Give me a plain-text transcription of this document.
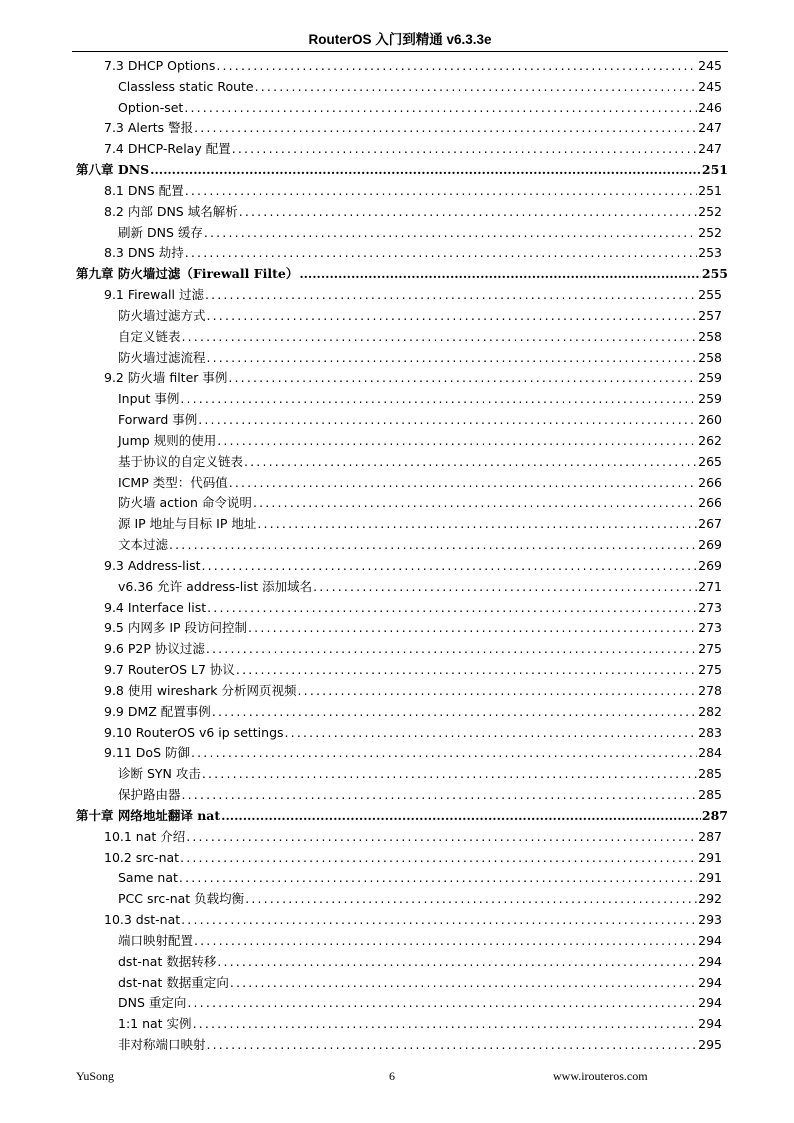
RouterOS 入门到精通 v6.3.3e
7.3 DHCP Options . . .	245
Classless static Route . . .	245
Option-set . . .	246
7.3 Alerts 警报 . . .	247
7.4 DHCP-Relay 配置 . . .	247
第八章 DNS . . .	251
8.1 DNS 配置 . . .	251
8.2 内部 DNS 域名解析 . . .	252
刷新 DNS 缓存 . . .	252
8.3 DNS 劫持 . . .	253
第九章 防火墙过滤（Firewall Filte） . . .	255
9.1 Firewall 过滤 . . .	255
防火墙过滤方式 . . .	257
自定义链表 . . .	258
防火墙过滤流程 . . .	258
9.2 防火墙 filter 事例 . . .	259
Input 事例 . . .	259
Forward 事例 . . .	260
Jump 规则的使用 . . .	262
基于协议的自定义链表 . . .	265
ICMP 类型：代码值 . . .	266
防火墙 action 命令说明 . . .	266
源 IP 地址与目标 IP 地址 . . .	267
文本过滤 . . .	269
9.3 Address-list . . .	269
v6.36 允许 address-list 添加域名 . . .	271
9.4 Interface list . . .	273
9.5 内网多 IP 段访问控制 . . .	273
9.6 P2P 协议过滤 . . .	275
9.7 RouterOS L7 协议 . . .	275
9.8 使用 wireshark 分析网页视频 . . .	278
9.9 DMZ 配置事例 . . .	282
9.10 RouterOS v6 ip settings . . .	283
9.11 DoS 防御 . . .	284
诊断 SYN 攻击 . . .	285
保护路由器 . . .	285
第十章 网络地址翻译 nat . . .	287
10.1 nat 介绍 . . .	287
10.2 src-nat . . .	291
Same nat . . .	291
PCC src-nat 负载均衡 . . .	292
10.3 dst-nat . . .	293
端口映射配置 . . .	294
dst-nat 数据转移 . . .	294
dst-nat 数据重定向 . . .	294
DNS 重定向 . . .	294
1:1 nat 实例 . . .	294
非对称端口映射 . . .	295
YuSong	6	www.irouteros.com
